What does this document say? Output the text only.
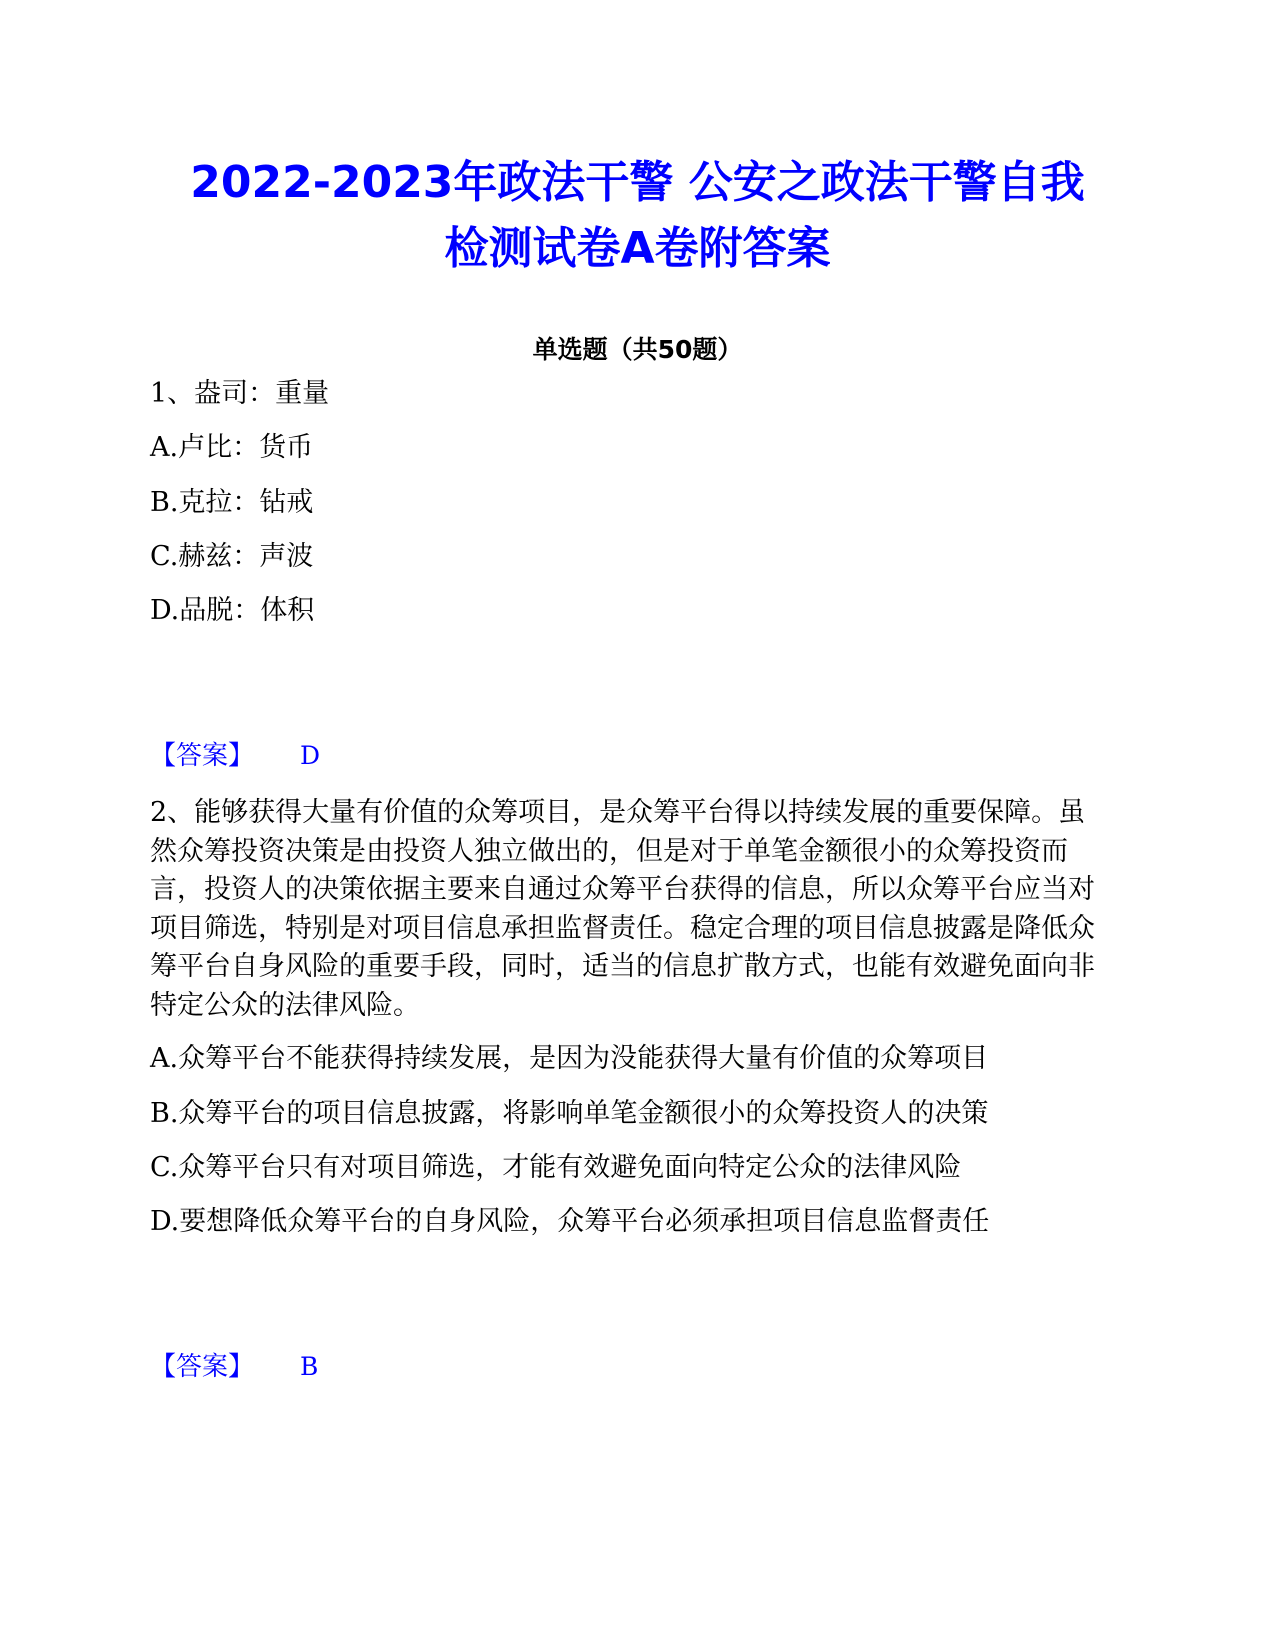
2022-2023年政法干警 公安之政法干警自我
检测试卷A卷附答案
单选题（共50题）
1、盎司：重量
A.卢比：货币
B.克拉：钻戒
C.赫兹：声波
D.品脱：体积
【答案】 D

2、能够获得大量有价值的众筹项目，是众筹平台得以持续发展的重要保障。虽然众筹投资决策是由投资人独立做出的，但是对于单笔金额很小的众筹投资而言，投资人的决策依据主要来自通过众筹平台获得的信息，所以众筹平台应当对项目筛选，特别是对项目信息承担监督责任。稳定合理的项目信息披露是降低众筹平台自身风险的重要手段，同时，适当的信息扩散方式，也能有效避免面向非特定公众的法律风险。

A.众筹平台不能获得持续发展，是因为没能获得大量有价值的众筹项目
B.众筹平台的项目信息披露，将影响单笔金额很小的众筹投资人的决策
C.众筹平台只有对项目筛选，才能有效避免面向特定公众的法律风险
D.要想降低众筹平台的自身风险，众筹平台必须承担项目信息监督责任
【答案】 B
